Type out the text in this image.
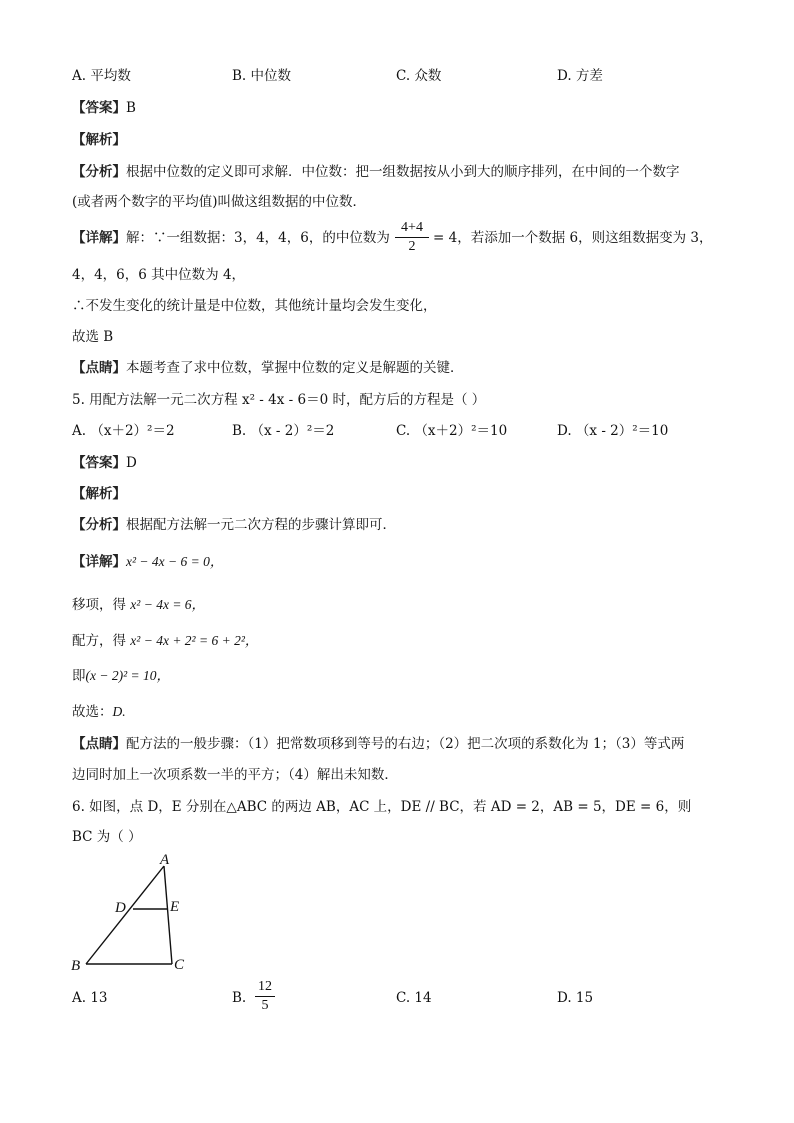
A. 平均数	B. 中位数	C. 众数	D. 方差
【答案】B
【解析】
【分析】根据中位数的定义即可求解．中位数：把一组数据按从小到大的顺序排列，在中间的一个数字
(或者两个数字的平均值)叫做这组数据的中位数．
【详解】解：∵一组数据：3，4，4，6，的中位数为
4+4
2
= 4，若添加一个数据 6，则这组数据变为 3，
4，4，6，6 其中位数为 4，
∴不发生变化的统计量是中位数，其他统计量均会发生变化，
故选 B
【点睛】本题考查了求中位数，掌握中位数的定义是解题的关键．
5. 用配方法解一元二次方程 x² - 4x - 6＝0 时，配方后的方程是（ ）
A. （x＋2）²＝2	B. （x - 2）²＝2	C. （x＋2）²＝10	D. （x - 2）²＝10
【答案】D
【解析】
【分析】根据配方法解一元二次方程的步骤计算即可．
【详解】x² − 4x − 6 = 0，
移项，得 x² − 4x = 6，
配方，得 x² − 4x + 2² = 6 + 2²，
即(x − 2)² = 10，
故选：D.
【点睛】配方法的一般步骤：（1）把常数项移到等号的右边；（2）把二次项的系数化为 1；（3）等式两
边同时加上一次项系数一半的平方；（4）解出未知数．
6. 如图，点 D，E 分别在△ABC 的两边 AB，AC 上，DE // BC，若 AD = 2，AB = 5，DE = 6，则
BC 为（ ）
A
D	E
B	C
A. 13	B.
12
5	C. 14	D. 15
